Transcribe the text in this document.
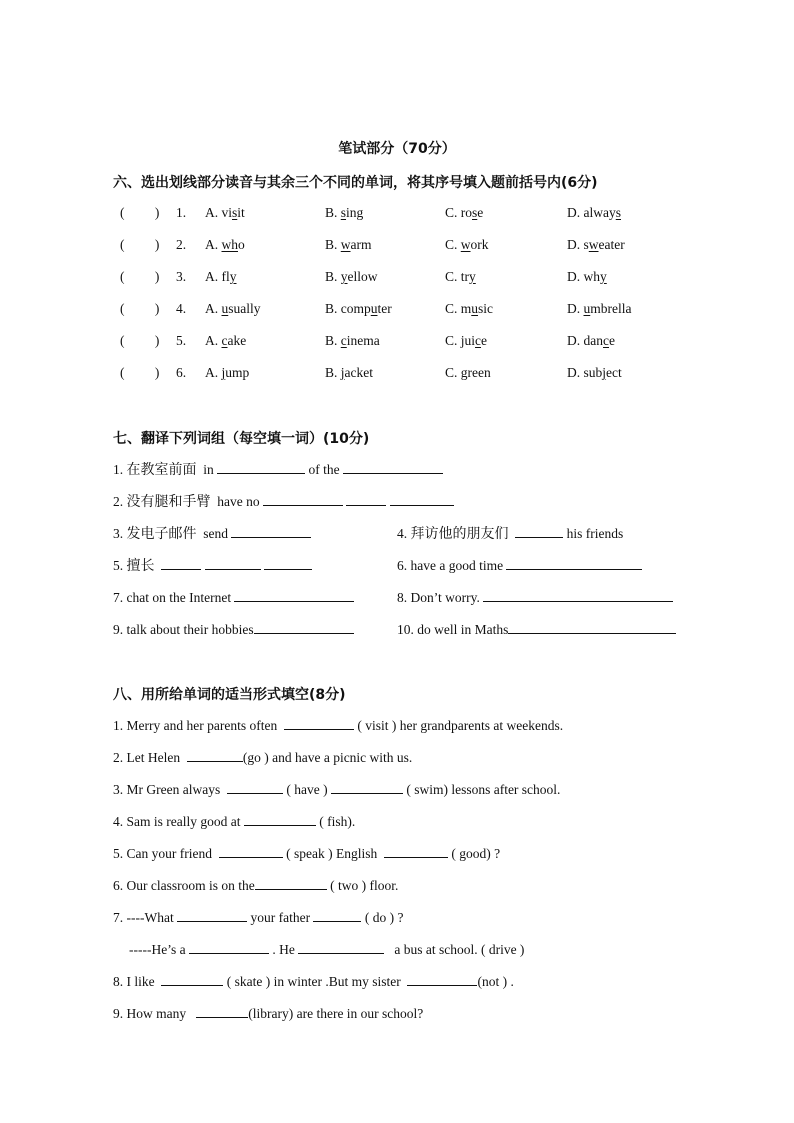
笔试部分（70分）
六、选出划线部分读音与其余三个不同的单词，将其序号填入题前括号内(6分)
(         ) 1. A. visit	B. sing	C. rose	D. always
(         ) 2. A. who	B. warm	C. work	D. sweater
(         ) 3. A. fly	B. yellow	C. try	D. why
(         ) 4. A. usually	B. computer	C. music	D. umbrella
(         ) 5. A. cake	B. cinema	C. juice	D. dance
(         ) 6. A. jump	B. jacket	C. green	D. subject
七、翻译下列词组（每空填一词）(10分)
1. 在教室前面 in	of the
2. 没有腿和手臂 have no
3. 发电子邮件 send	4. 拜访他的朋友们	his friends
5. 擅长	6. have a good time
7. chat on the Internet	8. Don’t worry.
9. talk about their hobbies	10. do well in Maths
八、用所给单词的适当形式填空(8分)
1. Merry and her parents often	( visit ) her grandparents at weekends.
2. Let Helen	(go ) and have a picnic with us.
3. Mr Green always	( have )	( swim) lessons after school.
4. Sam is really good at	( fish).
5. Can your friend	( speak ) English	( good) ?
6. Our classroom is on the	( two ) floor.
7. ----What	your father	( do ) ?
-----He’s a	. He	a bus at school. ( drive )
8. I like	( skate ) in winter .But my sister	(not ) .
9. How many	(library) are there in our school?
